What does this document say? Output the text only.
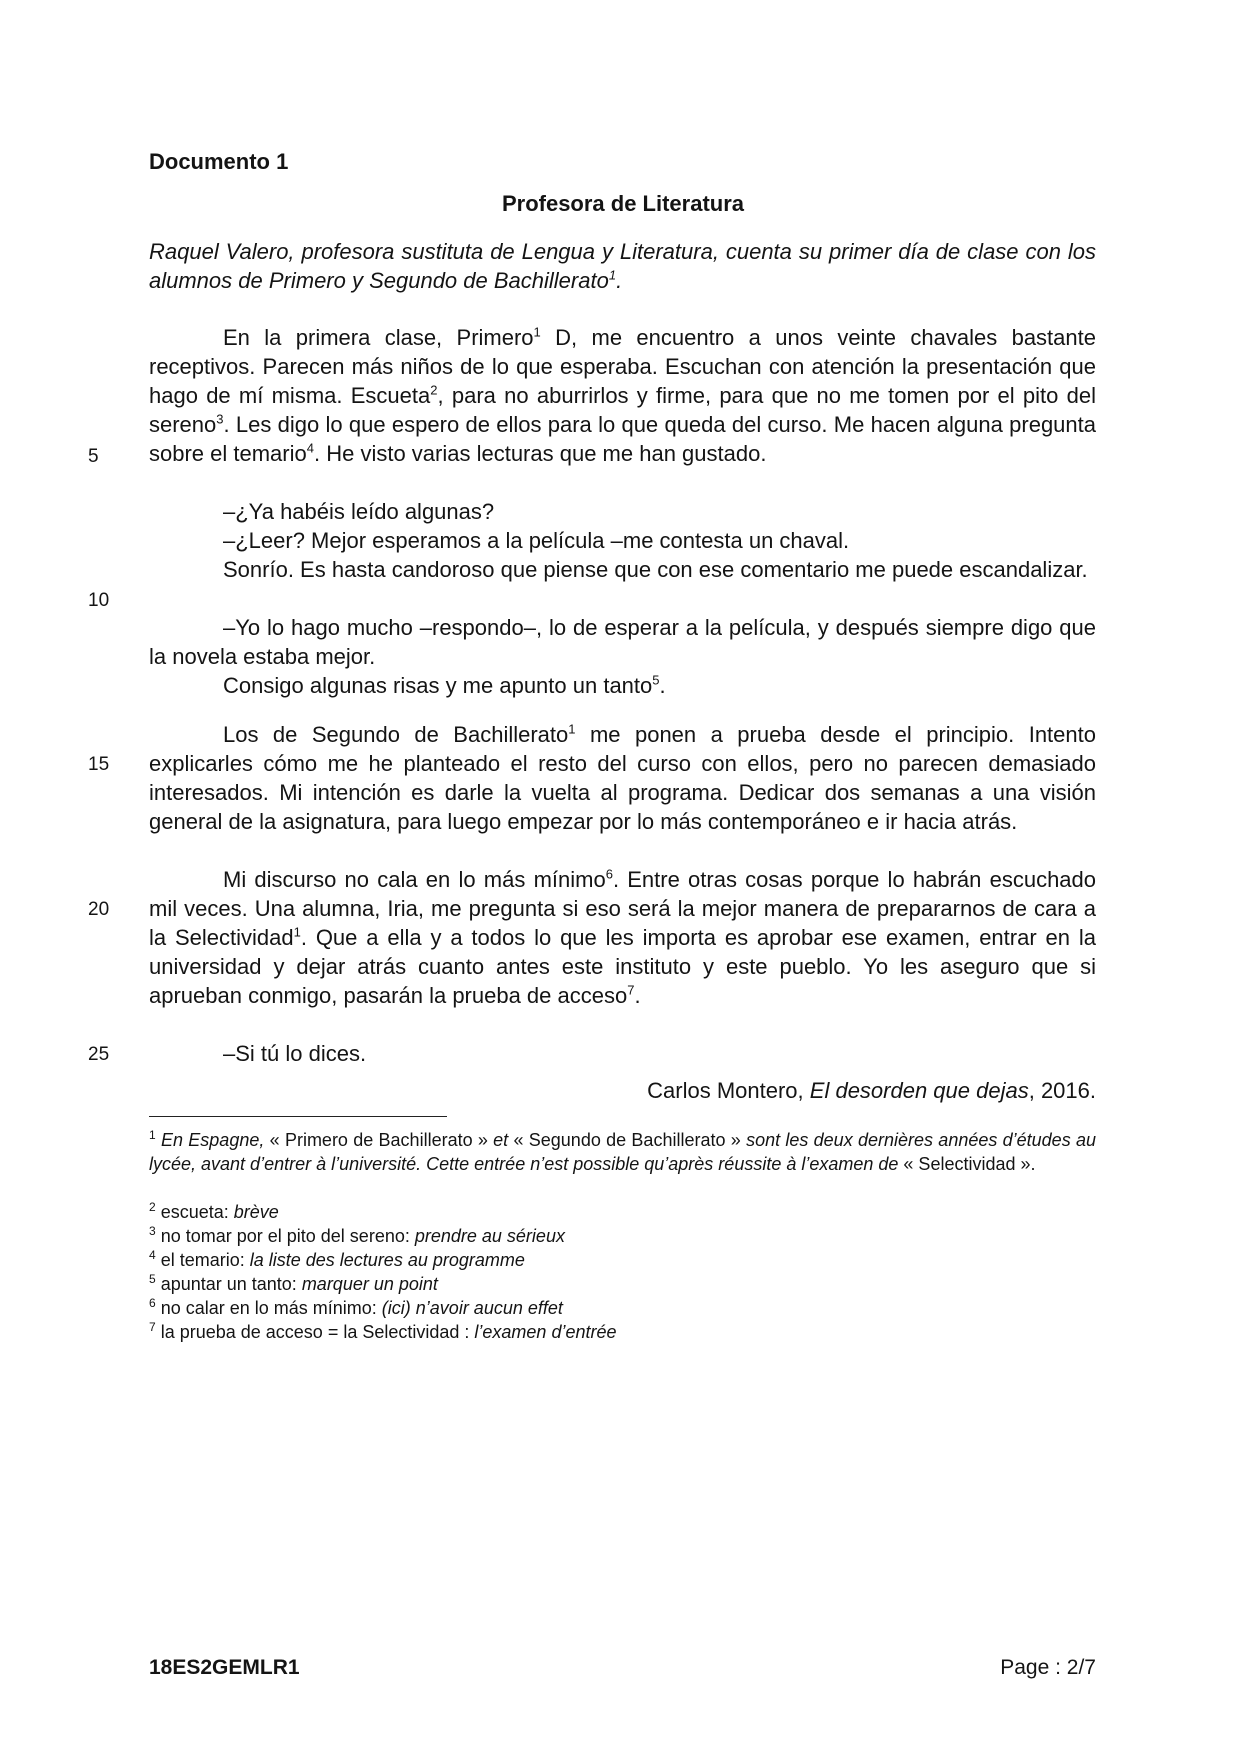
Documento 1
Profesora de Literatura

Raquel Valero, profesora sustituta de Lengua y Literatura, cuenta su primer día de clase con los alumnos de Primero y Segundo de Bachillerato$^1$.

En la primera clase, Primero$^1$ D, me encuentro a unos veinte chavales bastante receptivos. Parecen más niños de lo que esperaba. Escuchan con atención la presentación que hago de mí misma. Escueta$^2$, para no aburrirlos y firme, para que no me tomen por el pito del sereno$^3$. Les digo lo que espero de ellos para lo que queda del curso. Me hacen alguna pregunta sobre el temario$^4$. He visto varias lecturas que me han gustado.

–¿Ya habéis leído algunas?

–¿Leer? Mejor esperamos a la película –me contesta un chaval.

Sonrío. Es hasta candoroso que piense que con ese comentario me puede escandalizar.

–Yo lo hago mucho –respondo–, lo de esperar a la película, y después siempre digo que la novela estaba mejor.

Consigo algunas risas y me apunto un tanto$^5$.

Los de Segundo de Bachillerato$^1$ me ponen a prueba desde el principio. Intento explicarles cómo me he planteado el resto del curso con ellos, pero no parecen demasiado interesados. Mi intención es darle la vuelta al programa. Dedicar dos semanas a una visión general de la asignatura, para luego empezar por lo más contemporáneo e ir hacia atrás.

Mi discurso no cala en lo más mínimo$^6$. Entre otras cosas porque lo habrán escuchado mil veces. Una alumna, Iria, me pregunta si eso será la mejor manera de prepararnos de cara a la Selectividad$^1$. Que a ella y a todos lo que les importa es aprobar ese examen, entrar en la universidad y dejar atrás cuanto antes este instituto y este pueblo. Yo les aseguro que si aprueban conmigo, pasarán la prueba de acceso$^7$.

–Si tú lo dices.

Carlos Montero, El desorden que dejas, 2016.

5
10
15
20
25

$^1$ En Espagne, « Primero de Bachillerato » et « Segundo de Bachillerato » sont les deux dernières années d’études au lycée, avant d’entrer à l’université. Cette entrée n’est possible qu’après réussite à l’examen de « Selectividad ».

$^2$ escueta: brève

$^3$ no tomar por el pito del sereno: prendre au sérieux

$^4$ el temario: la liste des lectures au programme

$^5$ apuntar un tanto: marquer un point

$^6$ no calar en lo más mínimo: (ici) n’avoir aucun effet

$^7$ la prueba de acceso = la Selectividad : l’examen d’entrée

18ES2GEMLR1	Page : 2/7
